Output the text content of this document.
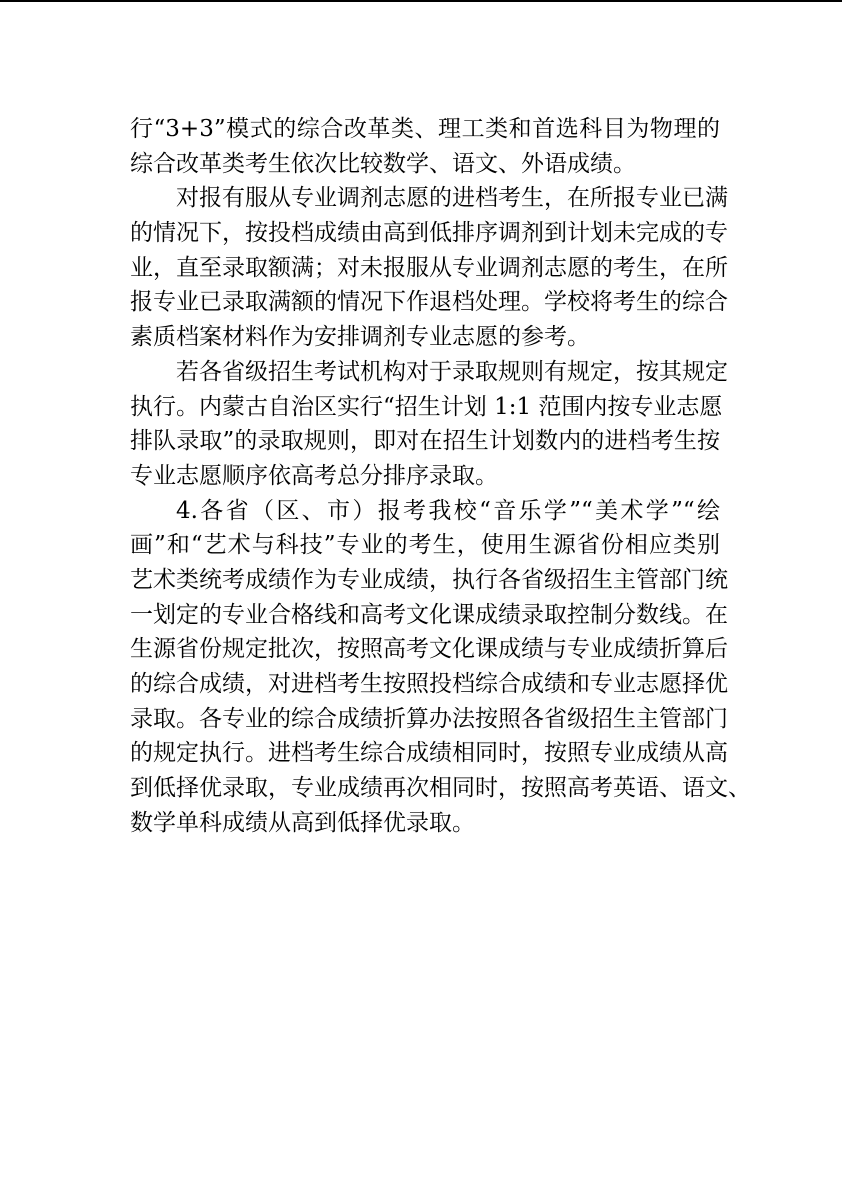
行“3+3”模式的综合改革类、理工类和首选科目为物理的
综合改革类考生依次比较数学、语文、外语成绩。
对报有服从专业调剂志愿的进档考生，在所报专业已满
的情况下，按投档成绩由高到低排序调剂到计划未完成的专
业，直至录取额满；对未报服从专业调剂志愿的考生，在所
报专业已录取满额的情况下作退档处理。学校将考生的综合
素质档案材料作为安排调剂专业志愿的参考。
若各省级招生考试机构对于录取规则有规定，按其规定
执行。内蒙古自治区实行“招生计划 1:1 范围内按专业志愿
排队录取”的录取规则，即对在招生计划数内的进档考生按
专业志愿顺序依高考总分排序录取。
4.各省（区、市）报考我校“音乐学”“美术学”“绘
画”和“艺术与科技”专业的考生，使用生源省份相应类别
艺术类统考成绩作为专业成绩，执行各省级招生主管部门统
一划定的专业合格线和高考文化课成绩录取控制分数线。在
生源省份规定批次，按照高考文化课成绩与专业成绩折算后
的综合成绩，对进档考生按照投档综合成绩和专业志愿择优
录取。各专业的综合成绩折算办法按照各省级招生主管部门
的规定执行。进档考生综合成绩相同时，按照专业成绩从高
到低择优录取，专业成绩再次相同时，按照高考英语、语文、
数学单科成绩从高到低择优录取。
